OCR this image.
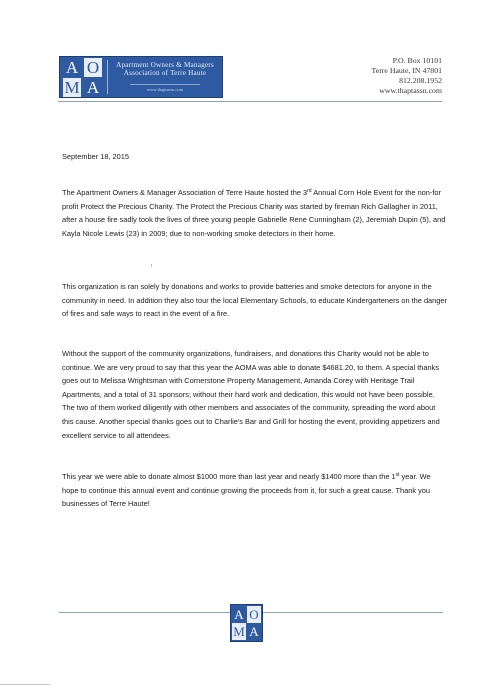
A O
M A
Apartment Owners & Managers
Association of Terre Haute
www.thaptassn.com
P.O. Box 10101
Terre Haute, IN 47801
812.208.1952
www.thaptassn.com
September 18, 2015
The Apartment Owners & Manager Association of Terre Haute hosted the 3rd Annual Corn Hole Event for the non-for profit Protect the Precious Charity. The Protect the Precious Charity was started by fireman Rich Gallagher in 2011, after a house fire sadly took the lives of three young people Gabrielle Rene Cunningham (2), Jeremiah Dupin (5), and Kayla Nicole Lewis (23) in 2009; due to non-working smoke detectors in their home.
This organization is ran solely by donations and works to provide batteries and smoke detectors for anyone in the community in need. In addition they also tour the local Elementary Schools, to educate Kindergarteners on the danger of fires and safe ways to react in the event of a fire.
Without the support of the community organizations, fundraisers, and donations this Charity would not be able to continue. We are very proud to say that this year the AOMA was able to donate $4681.20, to them. A special thanks goes out to Melissa Wrightsman with Cornerstone Property Management, Amanda Corey with Heritage Trail Apartments, and a total of 31 sponsors; without their hard work and dedication, this would not have been possible. The two of them worked diligently with other members and associates of the community, spreading the word about this cause. Another special thanks goes out to Charlie's Bar and Grill for hosting the event, providing appetizers and excellent service to all attendees.
This year we were able to donate almost $1000 more than last year and nearly $1400 more than the 1st year. We hope to continue this annual event and continue growing the proceeds from it, for such a great cause. Thank you businesses of Terre Haute!
A O
M A
